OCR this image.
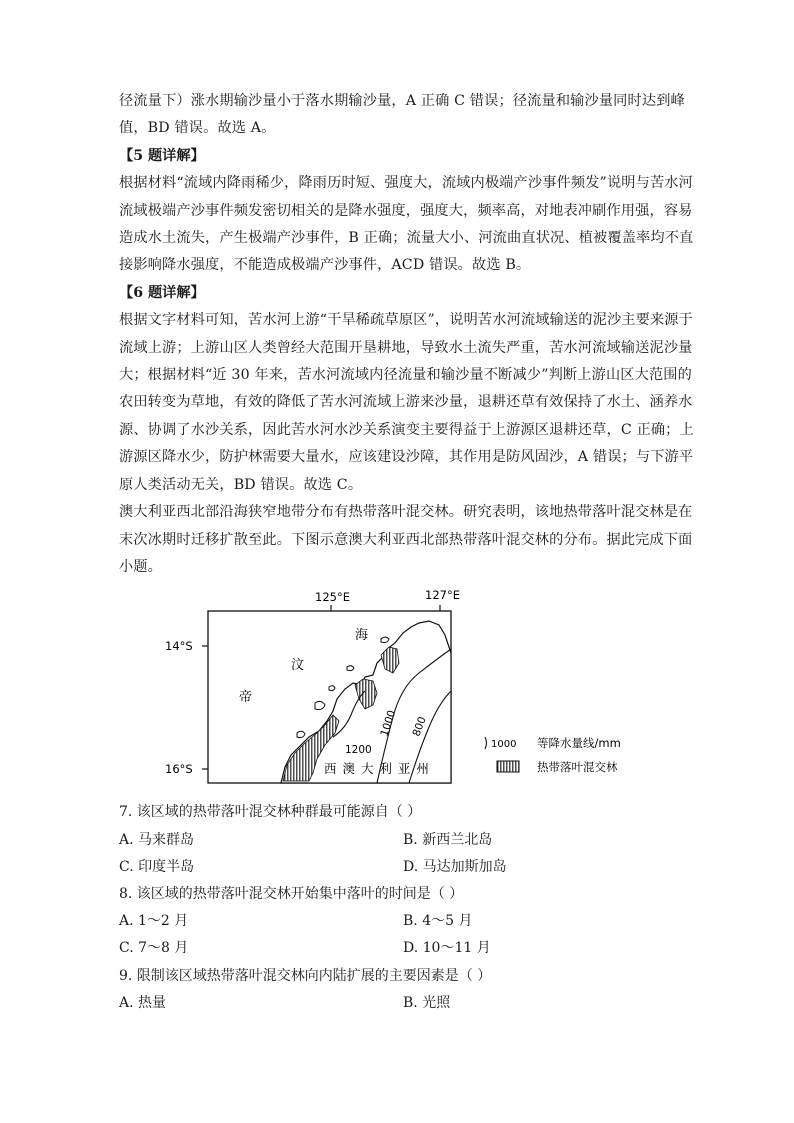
径流量下）涨水期输沙量小于落水期输沙量，A 正确 C 错误；径流量和输沙量同时达到峰
值，BD 错误。故选 A。

【5 题详解】

根据材料“流域内降雨稀少，降雨历时短、强度大，流域内极端产沙事件频发”说明与苦水河
流域极端产沙事件频发密切相关的是降水强度，强度大，频率高，对地表冲刷作用强，容易
造成水土流失，产生极端产沙事件，B 正确；流量大小、河流曲直状况、植被覆盖率均不直
接影响降水强度，不能造成极端产沙事件，ACD 错误。故选 B。

【6 题详解】

根据文字材料可知，苦水河上游“干旱稀疏草原区”，说明苦水河流域输送的泥沙主要来源于
流域上游；上游山区人类曾经大范围开垦耕地，导致水土流失严重，苦水河流域输送泥沙量
大；根据材料“近 30 年来，苦水河流域内径流量和输沙量不断减少”判断上游山区大范围的
农田转变为草地，有效的降低了苦水河流域上游来沙量，退耕还草有效保持了水土、涵养水
源、协调了水沙关系，因此苦水河水沙关系演变主要得益于上游源区退耕还草，C 正确；上
游源区降水少，防护林需要大量水，应该建设沙障，其作用是防风固沙，A 错误；与下游平
原人类活动无关，BD 错误。故选 C。

澳大利亚西北部沿海狭窄地带分布有热带落叶混交林。研究表明，该地热带落叶混交林是在
末次冰期时迁移扩散至此。下图示意澳大利亚西北部热带落叶混交林的分布。据此完成下面
小题。

125°E	127°E
14°S
16°S
海
汶
帝
1000 800
1200
西 澳 大 利 亚 州
1000 等降水量线/mm
热带落叶混交林

7. 该区域的热带落叶混交林种群最可能源自（ ）

A. 马来群岛	B. 新西兰北岛
C. 印度半岛	D. 马达加斯加岛

8. 该区域的热带落叶混交林开始集中落叶的时间是（ ）

A. 1～2 月	B. 4～5 月
C. 7～8 月	D. 10～11 月

9. 限制该区域热带落叶混交林向内陆扩展的主要因素是（ ）

A. 热量	B. 光照
